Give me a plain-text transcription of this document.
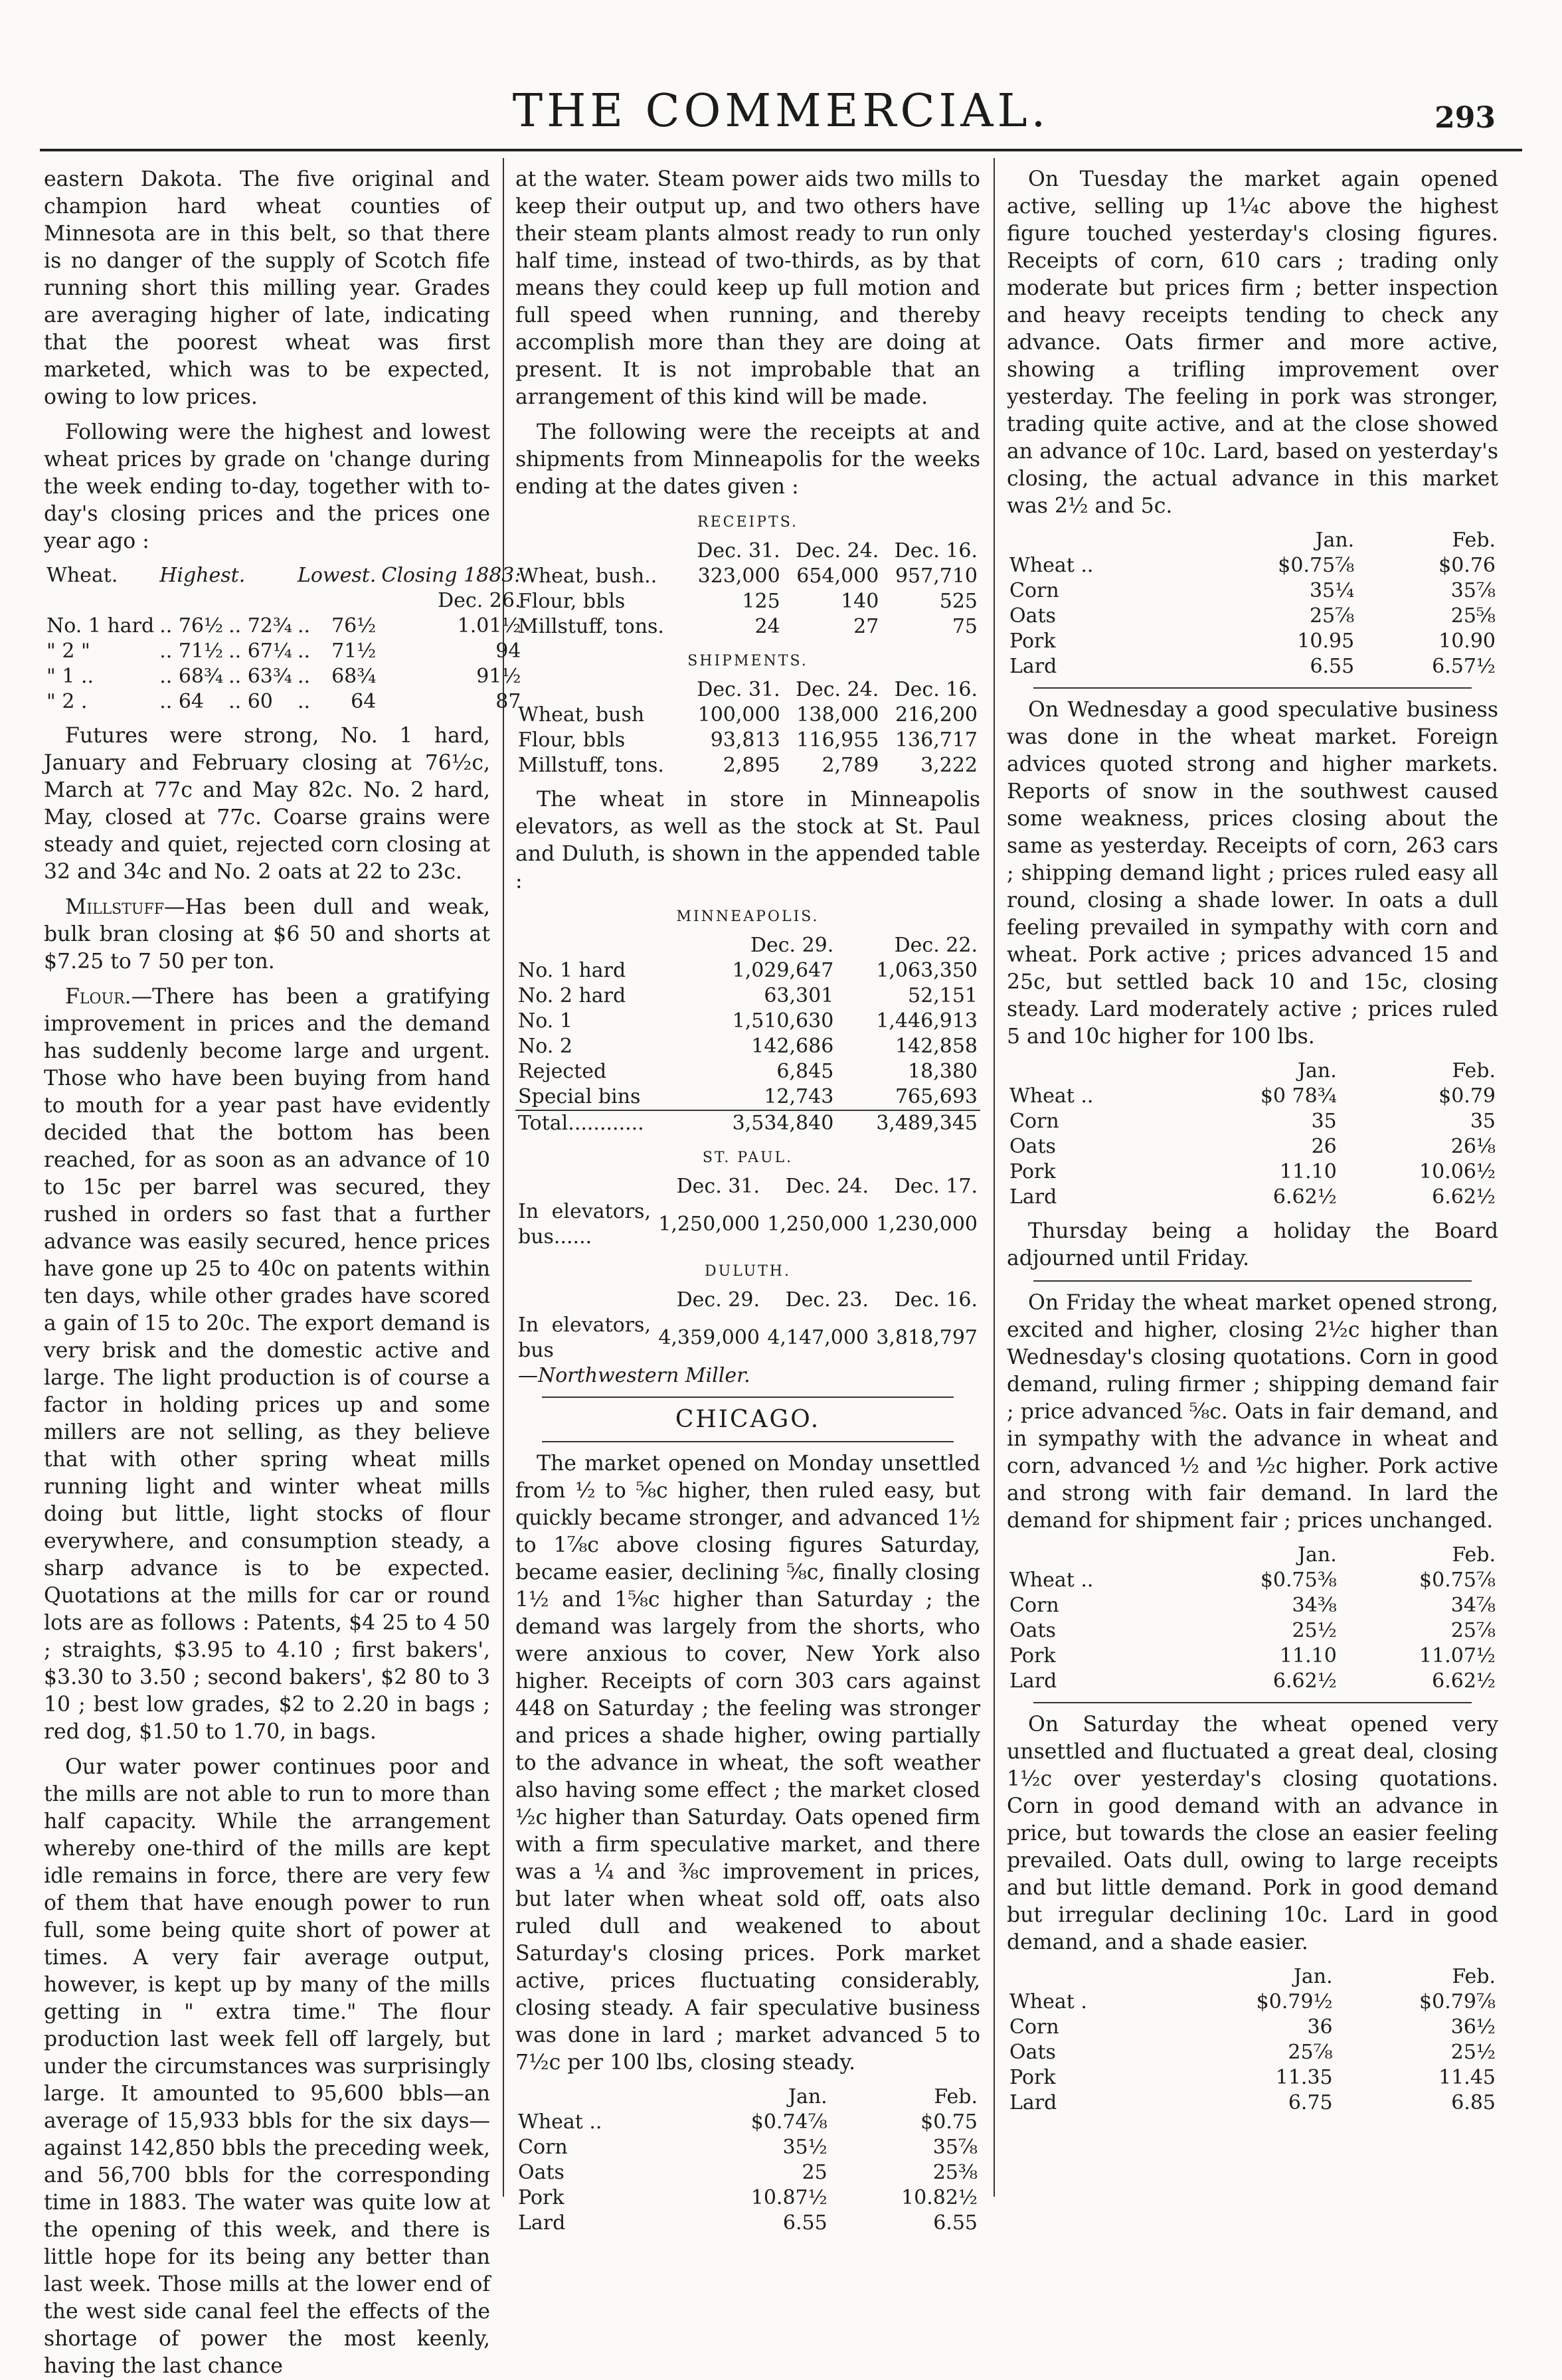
THE COMMERCIAL.	293

eastern Dakota. The five original and champion hard wheat counties of Minnesota are in this belt, so that there is no danger of the supply of Scotch fife running short this milling year. Grades are averaging higher of late, indicating that the poorest wheat was first marketed, which was to be expected, owing to low prices.

Following were the highest and lowest wheat prices by grade on 'change during the week ending to-day, together with to-day's closing prices and the prices one year ago :

Wheat.	Highest.		Lowest.		Closing 1883:
					Dec. 26.
No. 1 hard	.. 76½	.. 72¾	..	76½	1.01½
" 2 "	.. 71½	.. 67¼	..	71½	94
" 1 ..	.. 68¾	.. 63¾	..	68¾	91½
" 2 .	.. 64	.. 60	..	64	87

Futures were strong, No. 1 hard, January and February closing at 76½c, March at 77c and May 82c. No. 2 hard, May, closed at 77c. Coarse grains were steady and quiet, rejected corn closing at 32 and 34c and No. 2 oats at 22 to 23c.

Millstuff—Has been dull and weak, bulk bran closing at $6 50 and shorts at $7.25 to 7 50 per ton.

Flour.—There has been a gratifying improvement in prices and the demand has suddenly become large and urgent. Those who have been buying from hand to mouth for a year past have evidently decided that the bottom has been reached, for as soon as an advance of 10 to 15c per barrel was secured, they rushed in orders so fast that a further advance was easily secured, hence prices have gone up 25 to 40c on patents within ten days, while other grades have scored a gain of 15 to 20c. The export demand is very brisk and the domestic active and large. The light production is of course a factor in holding prices up and some millers are not selling, as they believe that with other spring wheat mills running light and winter wheat mills doing but little, light stocks of flour everywhere, and consumption steady, a sharp advance is to be expected. Quotations at the mills for car or round lots are as follows : Patents, $4 25 to 4 50 ; straights, $3.95 to 4.10 ; first bakers', $3.30 to 3.50 ; second bakers', $2 80 to 3 10 ; best low grades, $2 to 2.20 in bags ; red dog, $1.50 to 1.70, in bags.

Our water power continues poor and the mills are not able to run to more than half capacity. While the arrangement whereby one-third of the mills are kept idle remains in force, there are very few of them that have enough power to run full, some being quite short of power at times. A very fair average output, however, is kept up by many of the mills getting in " extra time." The flour production last week fell off largely, but under the circumstances was surprisingly large. It amounted to 95,600 bbls—an average of 15,933 bbls for the six days—against 142,850 bbls the preceding week, and 56,700 bbls for the corresponding time in 1883. The water was quite low at the opening of this week, and there is little hope for its being any better than last week. Those mills at the lower end of the west side canal feel the effects of the shortage of power the most keenly, having the last chance

at the water. Steam power aids two mills to keep their output up, and two others have their steam plants almost ready to run only half time, instead of two-thirds, as by that means they could keep up full motion and full speed when running, and thereby accomplish more than they are doing at present. It is not improbable that an arrangement of this kind will be made.

The following were the receipts at and shipments from Minneapolis for the weeks ending at the dates given :

RECEIPTS.
	Dec. 31.	Dec. 24.	Dec. 16.
Wheat, bush..	323,000	654,000	957,710
Flour, bbls	125	140	525
Millstuff, tons.	24	27	75
SHIPMENTS.
	Dec. 31.	Dec. 24.	Dec. 16.
Wheat, bush	100,000	138,000	216,200
Flour, bbls	93,813	116,955	136,717
Millstuff, tons.	2,895	2,789	3,222

The wheat in store in Minneapolis elevators, as well as the stock at St. Paul and Duluth, is shown in the appended table :

MINNEAPOLIS.
	Dec. 29.	Dec. 22.
No. 1 hard	1,029,647	1,063,350
No. 2 hard	63,301	52,151
No. 1	1,510,630	1,446,913
No. 2	142,686	142,858
Rejected	6,845	18,380
Special bins	12,743	765,693
Total............	3,534,840	3,489,345
ST. PAUL.
	Dec. 31.	Dec. 24.	Dec. 17.
In elevators, bus......	1,250,000	1,250,000	1,230,000
DULUTH.
	Dec. 29.	Dec. 23.	Dec. 16.
In elevators, bus	4,359,000	4,147,000	3,818,797
—Northwestern Miller.			
CHICAGO.

The market opened on Monday unsettled from ½ to ⅝c higher, then ruled easy, but quickly became stronger, and advanced 1½ to 1⅞c above closing figures Saturday, became easier, declining ⅝c, finally closing 1½ and 1⅝c higher than Saturday ; the demand was largely from the shorts, who were anxious to cover, New York also higher. Receipts of corn 303 cars against 448 on Saturday ; the feeling was stronger and prices a shade higher, owing partially to the advance in wheat, the soft weather also having some effect ; the market closed ½c higher than Saturday. Oats opened firm with a firm speculative market, and there was a ¼ and ⅜c improvement in prices, but later when wheat sold off, oats also ruled dull and weakened to about Saturday's closing prices. Pork market active, prices fluctuating considerably, closing steady. A fair speculative business was done in lard ; market advanced 5 to 7½c per 100 lbs, closing steady.

	Jan.	Feb.
Wheat ..	$0.74⅞	$0.75
Corn	35½	35⅞
Oats	25	25⅜
Pork	10.87½	10.82½
Lard	6.55	6.55

On Tuesday the market again opened active, selling up 1¼c above the highest figure touched yesterday's closing figures. Receipts of corn, 610 cars ; trading only moderate but prices firm ; better inspection and heavy receipts tending to check any advance. Oats firmer and more active, showing a trifling improvement over yesterday. The feeling in pork was stronger, trading quite active, and at the close showed an advance of 10c. Lard, based on yesterday's closing, the actual advance in this market was 2½ and 5c.

	Jan.	Feb.
Wheat ..	$0.75⅞	$0.76
Corn	35¼	35⅞
Oats	25⅞	25⅝
Pork	10.95	10.90
Lard	6.55	6.57½

On Wednesday a good speculative business was done in the wheat market. Foreign advices quoted strong and higher markets. Reports of snow in the southwest caused some weakness, prices closing about the same as yesterday. Receipts of corn, 263 cars ; shipping demand light ; prices ruled easy all round, closing a shade lower. In oats a dull feeling prevailed in sympathy with corn and wheat. Pork active ; prices advanced 15 and 25c, but settled back 10 and 15c, closing steady. Lard moderately active ; prices ruled 5 and 10c higher for 100 lbs.

	Jan.	Feb.
Wheat ..	$0 78¾	$0.79
Corn	35	35
Oats	26	26⅛
Pork	11.10	10.06½
Lard	6.62½	6.62½

Thursday being a holiday the Board adjourned until Friday.

On Friday the wheat market opened strong, excited and higher, closing 2½c higher than Wednesday's closing quotations. Corn in good demand, ruling firmer ; shipping demand fair ; price advanced ⅝c. Oats in fair demand, and in sympathy with the advance in wheat and corn, advanced ½ and ½c higher. Pork active and strong with fair demand. In lard the demand for shipment fair ; prices unchanged.

	Jan.	Feb.
Wheat ..	$0.75⅜	$0.75⅞
Corn	34⅜	34⅞
Oats	25½	25⅞
Pork	11.10	11.07½
Lard	6.62½	6.62½

On Saturday the wheat opened very unsettled and fluctuated a great deal, closing 1½c over yesterday's closing quotations. Corn in good demand with an advance in price, but towards the close an easier feeling prevailed. Oats dull, owing to large receipts and but little demand. Pork in good demand but irregular declining 10c. Lard in good demand, and a shade easier.

	Jan.	Feb.
Wheat .	$0.79½	$0.79⅞
Corn	36	36½
Oats	25⅞	25½
Pork	11.35	11.45
Lard	6.75	6.85
